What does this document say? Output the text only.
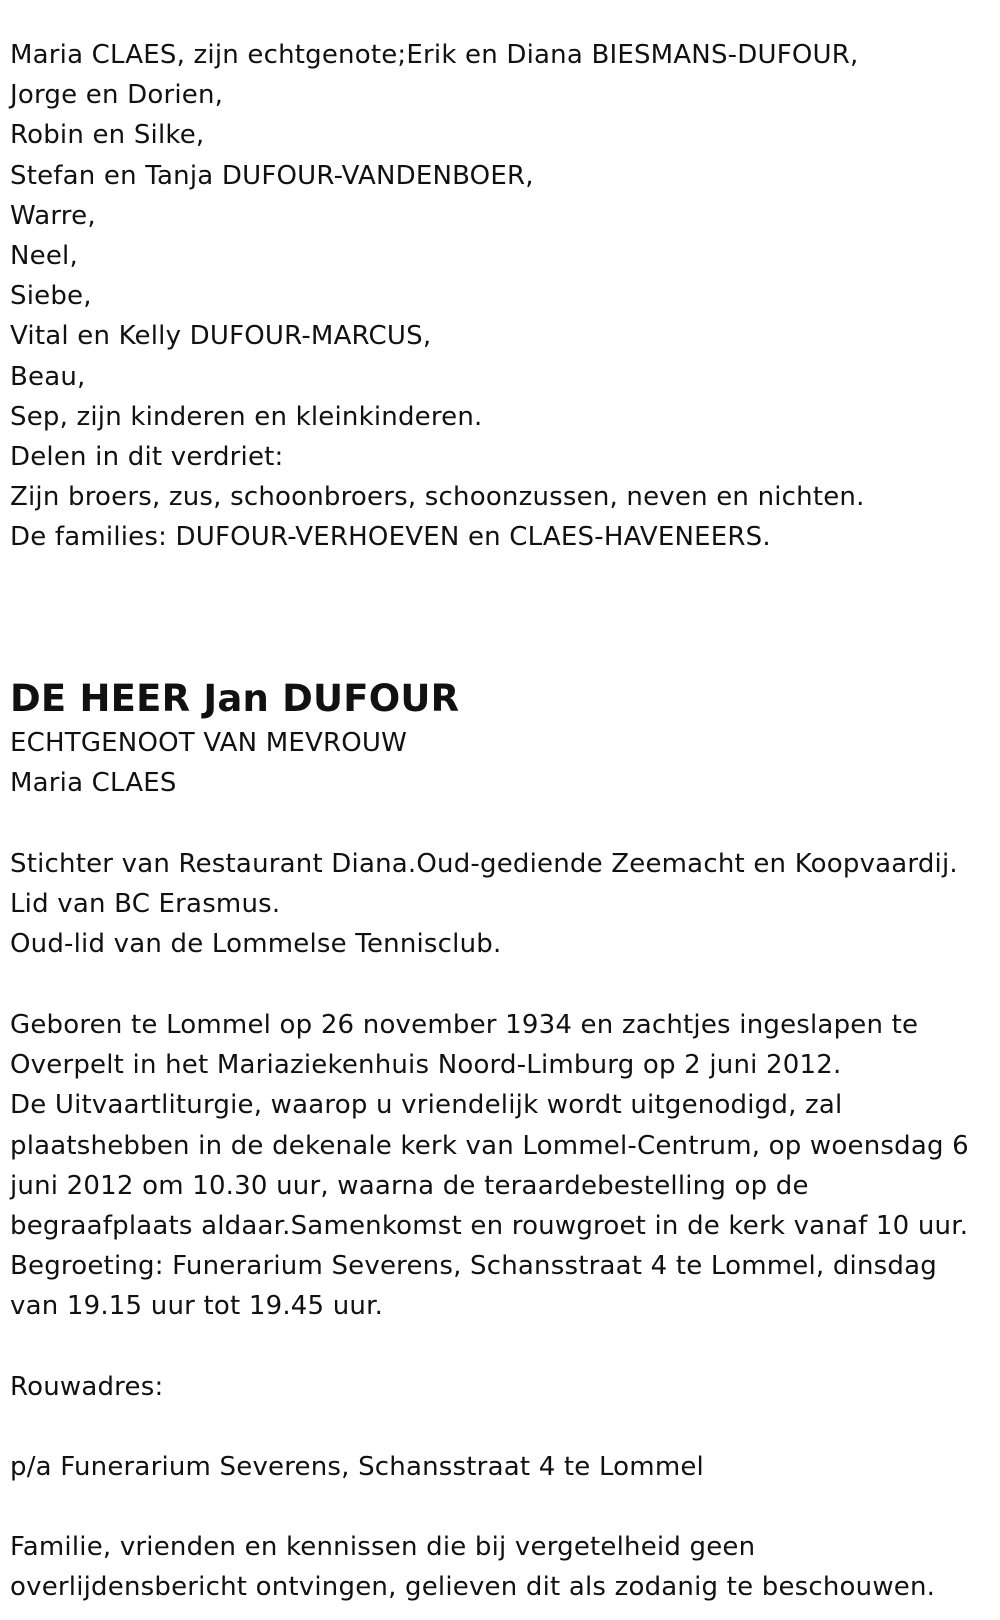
Maria CLAES, zijn echtgenote;Erik en Diana BIESMANS-DUFOUR,
Jorge en Dorien,
Robin en Silke,
Stefan en Tanja DUFOUR-VANDENBOER,
Warre,
Neel,
Siebe,
Vital en Kelly DUFOUR-MARCUS,
Beau,
Sep, zijn kinderen en kleinkinderen.
Delen in dit verdriet:
Zijn broers, zus, schoonbroers, schoonzussen, neven en nichten.
De families: DUFOUR-VERHOEVEN en CLAES-HAVENEERS.
DE HEER Jan DUFOUR
ECHTGENOOT VAN MEVROUW
Maria CLAES
Stichter van Restaurant Diana.Oud-gediende Zeemacht en Koopvaardij.
Lid van BC Erasmus.
Oud-lid van de Lommelse Tennisclub.
Geboren te Lommel op 26 november 1934 en zachtjes ingeslapen te
Overpelt in het Mariaziekenhuis Noord-Limburg op 2 juni 2012.
De Uitvaartliturgie, waarop u vriendelijk wordt uitgenodigd, zal
plaatshebben in de dekenale kerk van Lommel-Centrum, op woensdag 6
juni 2012 om 10.30 uur, waarna de teraardebestelling op de
begraafplaats aldaar.Samenkomst en rouwgroet in de kerk vanaf 10 uur.
Begroeting: Funerarium Severens, Schansstraat 4 te Lommel, dinsdag
van 19.15 uur tot 19.45 uur.
Rouwadres:
p/a Funerarium Severens, Schansstraat 4 te Lommel
Familie, vrienden en kennissen die bij vergetelheid geen
overlijdensbericht ontvingen, gelieven dit als zodanig te beschouwen.
